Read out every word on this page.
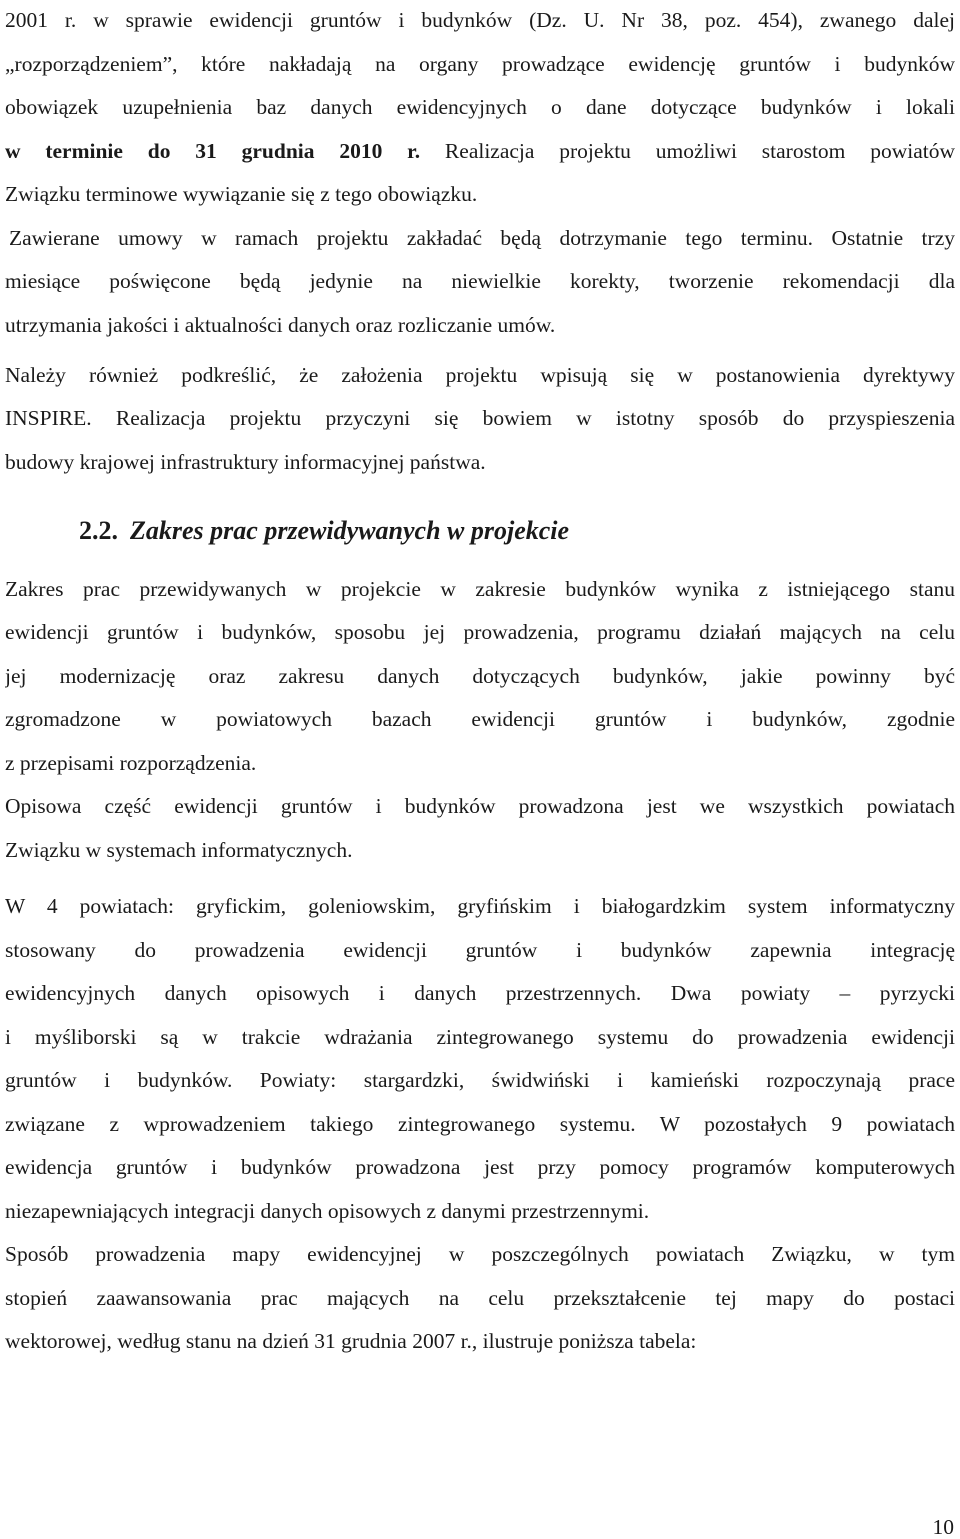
2001 r. w sprawie ewidencji gruntów i budynków (Dz. U. Nr 38, poz. 454), zwanego dalej
„rozporządzeniem”, które nakładają na organy prowadzące ewidencję gruntów i budynków
obowiązek uzupełnienia baz danych ewidencyjnych o dane dotyczące budynków i lokali
w terminie do 31 grudnia 2010 r. Realizacja projektu umożliwi starostom powiatów
Związku terminowe wywiązanie się z tego obowiązku.
Zawierane umowy w ramach projektu zakładać będą dotrzymanie tego terminu. Ostatnie trzy
miesiące poświęcone będą jedynie na niewielkie korekty, tworzenie rekomendacji dla
utrzymania jakości i aktualności danych oraz rozliczanie umów.
Należy również podkreślić, że założenia projektu wpisują się w postanowienia dyrektywy
INSPIRE. Realizacja projektu przyczyni się bowiem w istotny sposób do przyspieszenia
budowy krajowej infrastruktury informacyjnej państwa.
2.2. Zakres prac przewidywanych w projekcie
Zakres prac przewidywanych w projekcie w zakresie budynków wynika z istniejącego stanu
ewidencji gruntów i budynków, sposobu jej prowadzenia, programu działań mających na celu
jej modernizację oraz zakresu danych dotyczących budynków, jakie powinny być
zgromadzone w powiatowych bazach ewidencji gruntów i budynków, zgodnie
z przepisami rozporządzenia.
Opisowa część ewidencji gruntów i budynków prowadzona jest we wszystkich powiatach
Związku w systemach informatycznych.
W 4 powiatach: gryfickim, goleniowskim, gryfińskim i białogardzkim system informatyczny
stosowany do prowadzenia ewidencji gruntów i budynków zapewnia integrację
ewidencyjnych danych opisowych i danych przestrzennych. Dwa powiaty – pyrzycki
i myśliborski są w trakcie wdrażania zintegrowanego systemu do prowadzenia ewidencji
gruntów i budynków. Powiaty: stargardzki, świdwiński i kamieński rozpoczynają prace
związane z wprowadzeniem takiego zintegrowanego systemu. W pozostałych 9 powiatach
ewidencja gruntów i budynków prowadzona jest przy pomocy programów komputerowych
niezapewniających integracji danych opisowych z danymi przestrzennymi.
Sposób prowadzenia mapy ewidencyjnej w poszczególnych powiatach Związku, w tym
stopień zaawansowania prac mających na celu przekształcenie tej mapy do postaci
wektorowej, według stanu na dzień 31 grudnia 2007 r., ilustruje poniższa tabela:
10
